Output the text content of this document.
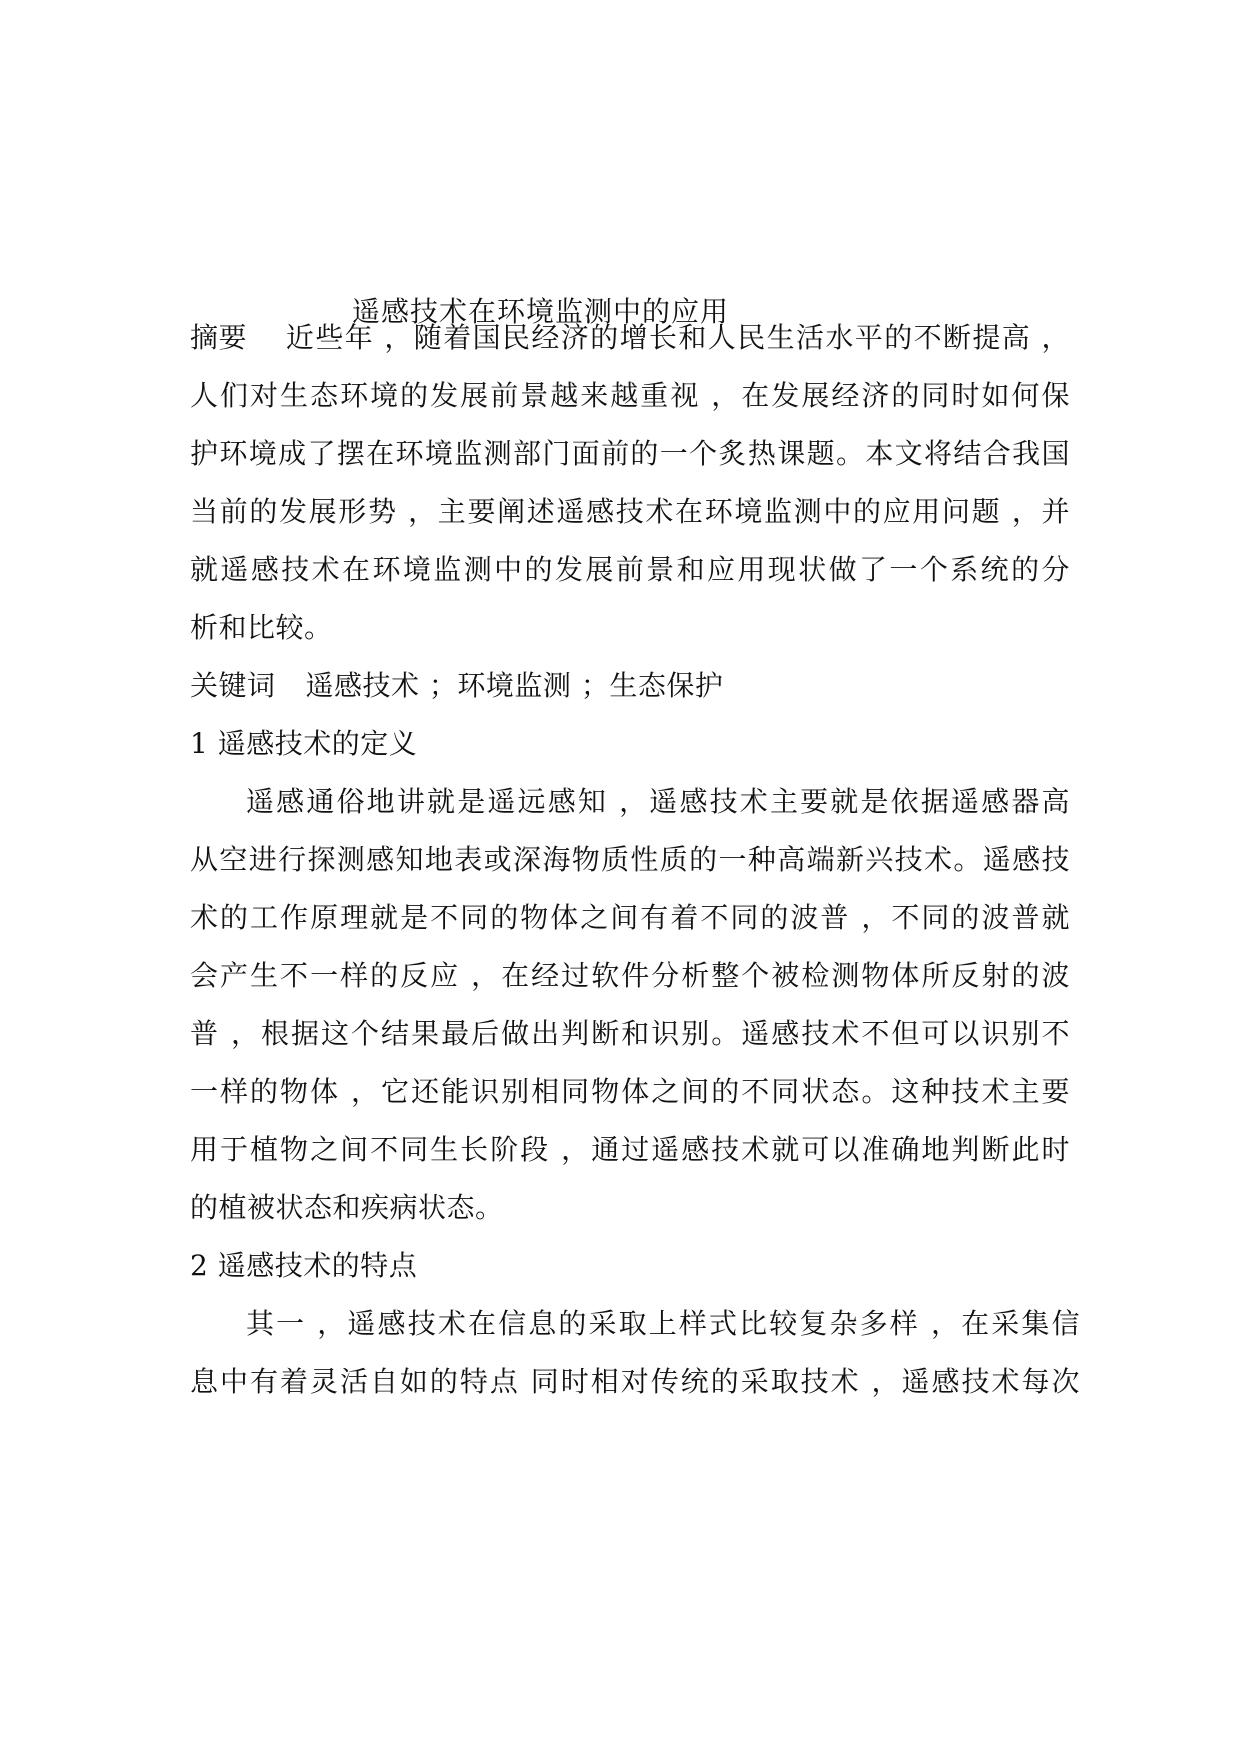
遥感技术在环境监测中的应用
摘要 近些年 ，随着国民经济的增长和人民生活水平的不断提高 ，
人们对生态环境的发展前景越来越重视 ，在发展经济的同时如何保
护环境成了摆在环境监测部门面前的一个炙热课题。本文将结合我国
当前的发展形势 ，主要阐述遥感技术在环境监测中的应用问题 ，并
就遥感技术在环境监测中的发展前景和应用现状做了一个系统的分
析和比较。
关键词 遥感技术 ；环境监测 ；生态保护
1 遥感技术的定义
遥感通俗地讲就是遥远感知 ，遥感技术主要就是依据遥感器高
从空进行探测感知地表或深海物质性质的一种高端新兴技术。遥感技
术的工作原理就是不同的物体之间有着不同的波普 ，不同的波普就
会产生不一样的反应 ，在经过软件分析整个被检测物体所反射的波
普 ，根据这个结果最后做出判断和识别。遥感技术不但可以识别不
一样的物体 ，它还能识别相同物体之间的不同状态。这种技术主要
用于植物之间不同生长阶段 ，通过遥感技术就可以准确地判断此时
的植被状态和疾病状态。
2 遥感技术的特点
其一 ，遥感技术在信息的采取上样式比较复杂多样 ，在采集信
息中有着灵活自如的特点 同时相对传统的采取技术 ，遥感技术每次
